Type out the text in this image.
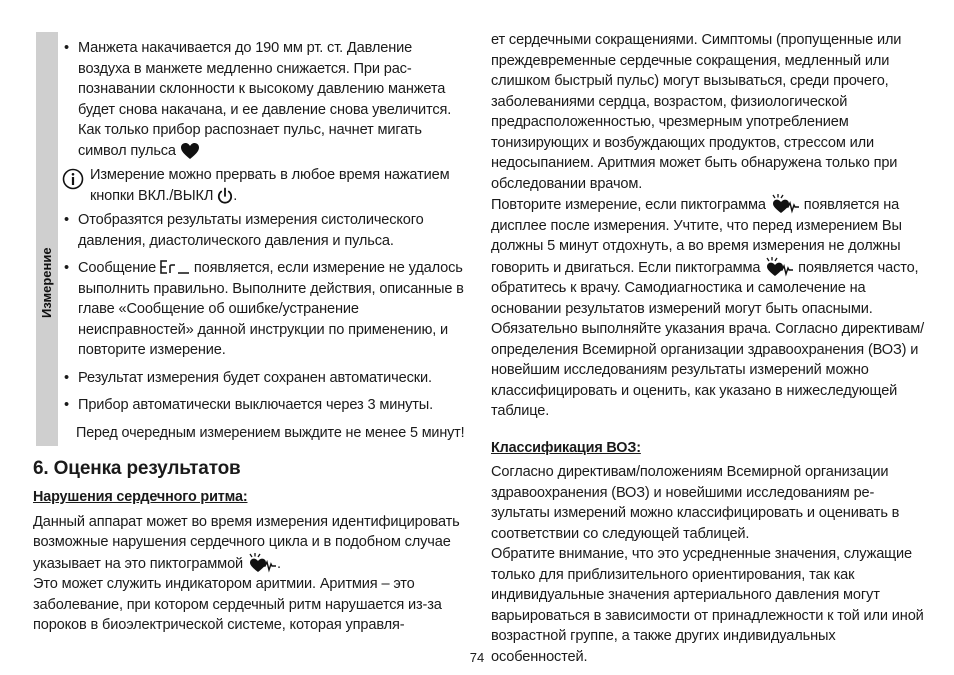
Измерение

• Манжета накачивается до 190 мм рт. ст. Давление воздуха в манжете медленно снижается. При распознавании склонности к высокому давлению манжета будет снова накачана, и ее давление снова увеличится. Как только прибор распознает пульс, начнет мигать символ пульса

Измерение можно прервать в любое время нажатием кнопки ВКЛ./ВЫКЛ .

• Отобразятся результаты измерения систолического давления, диастолического давления и пульса.

• Сообщение	появляется, если измерение не удалось выполнить правильно. Выполните действия, описанные в главе «Сообщение об ошибке/устранение неисправностей» данной инструкции по применению, и повторите измерение.

• Результат измерения будет сохранен автоматически.

• Прибор автоматически выключается через 3 минуты.

Перед очередным измерением выждите не менее 5 минут!

6. Оценка результатов

Нарушения сердечного ритма:

Данный аппарат может во время измерения идентифицировать возможные нарушения сердечного цикла и в подобном случае указывает на это пиктограммой .
Это может служить индикатором аритмии. Аритмия – это заболевание, при котором сердечный ритм нарушается из-за пороков в биоэлектрической системе, которая управля-

ет сердечными сокращениями. Симптомы (пропущенные или преждевременные сердечные сокращения, медленный или слишком быстрый пульс) могут вызываться, среди прочего, заболеваниями сердца, возрастом, физиологической предрасположенностью, чрезмерным употреблением тонизирующих и возбуждающих продуктов, стрессом или недосыпанием. Аритмия может быть обнаружена только при обследовании врачом.

Повторите измерение, если пиктограмма	появляется на дисплее после измерения. Учтите, что перед измерением Вы должны 5 минут отдохнуть, а во время измерения не должны говорить и двигаться. Если пиктограмма	появляется часто, обратитесь к врачу. Самодиагностика и самолечение на основании результатов измерений могут быть опасными. Обязательно выполняйте указания врача. Согласно директивам/определения Всемирной организации здравоохранения (ВОЗ) и новейшим исследованиям результаты измерений можно классифицировать и оценить, как указано в нижеследующей таблице.

Классификация ВОЗ:

Согласно директивам/положениям Всемирной организации здравоохранения (ВОЗ) и новейшими исследованиям результаты измерений можно классифицировать и оценивать в соответствии со следующей таблицей.

Обратите внимание, что это усредненные значения, служащие только для приблизительного ориентирования, так как индивидуальные значения артериального давления могут варьироваться в зависимости от принадлежности к той или иной возрастной группе, а также других индивидуальных особенностей.

74
